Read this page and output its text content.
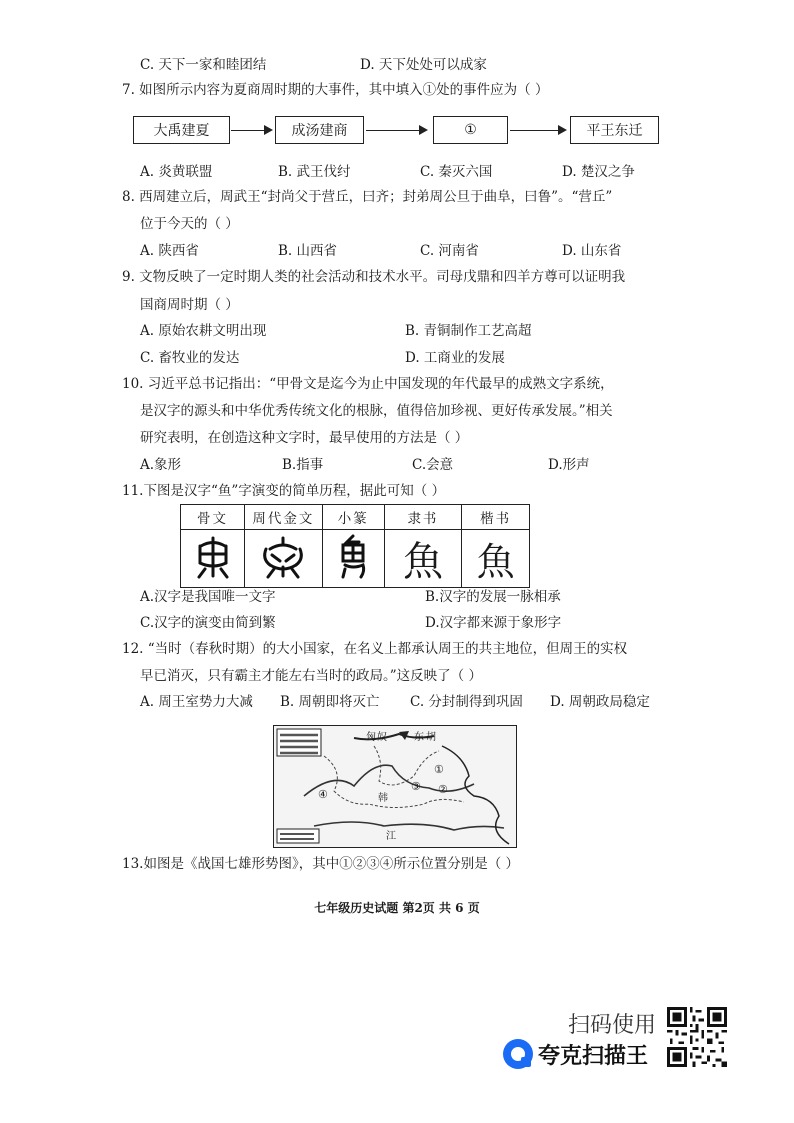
C. 天下一家和睦团结	D. 天下处处可以成家
7. 如图所示内容为夏商周时期的大事件，其中填入①处的事件应为（ ）
大禹建夏	成汤建商	①	平王东迁
A. 炎黄联盟	B. 武王伐纣	C. 秦灭六国	D. 楚汉之争
8. 西周建立后，周武王“封尚父于营丘，曰齐；封弟周公旦于曲阜，曰鲁”。“营丘”
位于今天的（ ）
A. 陕西省	B. 山西省	C. 河南省	D. 山东省
9. 文物反映了一定时期人类的社会活动和技术水平。司母戊鼎和四羊方尊可以证明我
国商周时期（ ）
A. 原始农耕文明出现	B. 青铜制作工艺高超
C. 畜牧业的发达	D. 工商业的发展
10. 习近平总书记指出：“甲骨文是迄今为止中国发现的年代最早的成熟文字系统，
是汉字的源头和中华优秀传统文化的根脉，值得倍加珍视、更好传承发展。”相关
研究表明，在创造这种文字时，最早使用的方法是（ ）
A.象形	B.指事	C.会意	D.形声
11.下图是汉字“鱼”字演变的简单历程，据此可知（ ）
骨文	周代金文	小篆	隶书	楷书
			魚	魚
A.汉字是我国唯一文字	B.汉字的发展一脉相承
C.汉字的演变由简到繁	D.汉字都来源于象形字
12. “当时（春秋时期）的大小国家，在名义上都承认周王的共主地位，但周王的实权
早已消灭，只有霸主才能左右当时的政局。”这反映了（ ）
A. 周王室势力大减 B. 周朝即将灭亡 C. 分封制得到巩固 D. 周朝政局稳定
①
②
③
④	韩
东 胡
匈 奴
江
13.如图是《战国七雄形势图》，其中①②③④所示位置分别是（ ）
七年级历史试题 第2页 共 6 页
扫码使用
夸克扫描王
